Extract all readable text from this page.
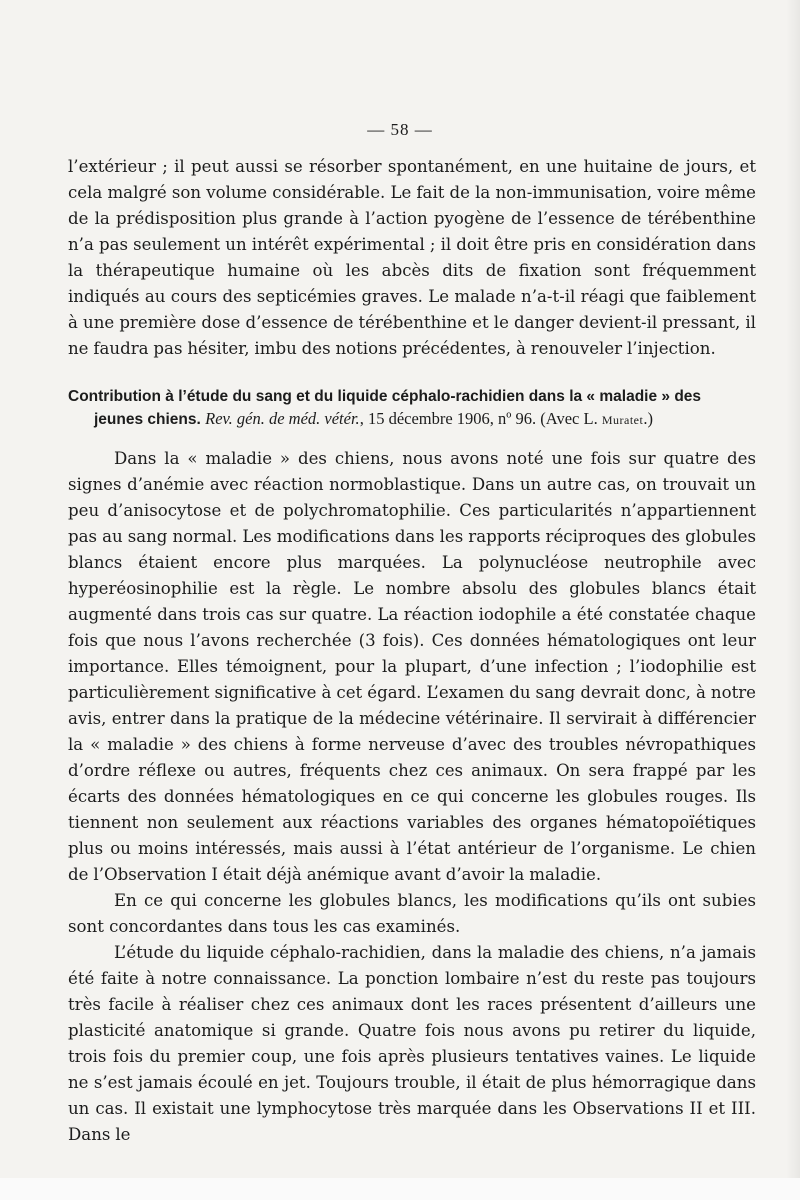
— 58 —

l’extérieur ; il peut aussi se résorber spontanément, en une huitaine de jours, et cela malgré son volume considérable. Le fait de la non-immunisation, voire même de la prédisposition plus grande à l’action pyogène de l’essence de térébenthine n’a pas seulement un intérêt expérimental ; il doit être pris en considération dans la thérapeutique humaine où les abcès dits de fixation sont fréquemment indiqués au cours des septicémies graves. Le malade n’a-t-il réagi que faiblement à une première dose d’essence de térébenthine et le danger devient-il pressant, il ne faudra pas hésiter, imbu des notions précédentes, à renouveler l’injection.

Contribution à l’étude du sang et du liquide céphalo-rachidien dans la « maladie » des
jeunes chiens. Rev. gén. de méd. vétér., 15 décembre 1906, nº 96. (Avec L. Muratet.)

Dans la « maladie » des chiens, nous avons noté une fois sur quatre des signes d’anémie avec réaction normoblastique. Dans un autre cas, on trouvait un peu d’anisocytose et de polychromatophilie. Ces particularités n’appartiennent pas au sang normal. Les modifications dans les rapports réciproques des globules blancs étaient encore plus marquées. La polynucléose neutrophile avec hyperéosinophilie est la règle. Le nombre absolu des globules blancs était augmenté dans trois cas sur quatre. La réaction iodophile a été constatée chaque fois que nous l’avons recherchée (3 fois). Ces données hématologiques ont leur importance. Elles témoignent, pour la plupart, d’une infection ; l’iodophilie est particulièrement significative à cet égard. L’examen du sang devrait donc, à notre avis, entrer dans la pratique de la médecine vétérinaire. Il servirait à différencier la « maladie » des chiens à forme nerveuse d’avec des troubles névropathiques d’ordre réflexe ou autres, fréquents chez ces animaux. On sera frappé par les écarts des données hématologiques en ce qui concerne les globules rouges. Ils tiennent non seulement aux réactions variables des organes hématopoïétiques plus ou moins intéressés, mais aussi à l’état antérieur de l’organisme. Le chien de l’Observation I était déjà anémique avant d’avoir la maladie.

En ce qui concerne les globules blancs, les modifications qu’ils ont subies sont concordantes dans tous les cas examinés.

L’étude du liquide céphalo-rachidien, dans la maladie des chiens, n’a jamais été faite à notre connaissance. La ponction lombaire n’est du reste pas toujours très facile à réaliser chez ces animaux dont les races présentent d’ailleurs une plasticité anatomique si grande. Quatre fois nous avons pu retirer du liquide, trois fois du premier coup, une fois après plusieurs tentatives vaines. Le liquide ne s’est jamais écoulé en jet. Toujours trouble, il était de plus hémorragique dans un cas. Il existait une lymphocytose très marquée dans les Observations II et III. Dans le
